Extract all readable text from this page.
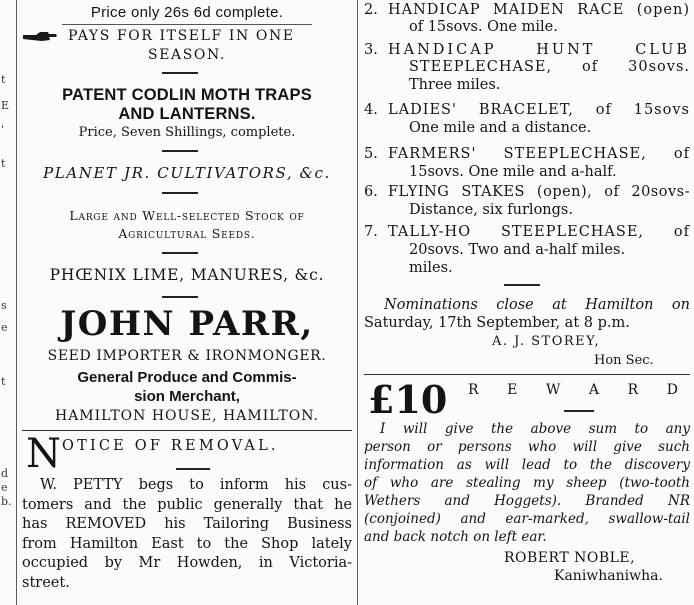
t
E
'
t
s
e
t
d
e
b.
Price only 26s 6d complete.
PAYS FOR ITSELF IN ONE
SEASON.
PATENT CODLIN MOTH TRAPS
AND LANTERNS.
Price, Seven Shillings, complete.
PLANET JR. CULTIVATORS, &c.
Large and Well-selected Stock of
Agricultural Seeds.
PHŒNIX LIME, MANURES, &c.
JOHN PARR,
SEED IMPORTER & IRONMONGER.
General Produce and Commis-
sion Merchant,
HAMILTON HOUSE, HAMILTON.
N OTICE OF REMOVAL.
W. PETTY begs to inform his cus-
tomers and the public generally that he
has REMOVED his Tailoring Business
from Hamilton East to the Shop lately
occupied by Mr Howden, in Victoria-
street.
2. HANDICAP MAIDEN RACE (open)
of 15sovs. One mile.
3. HANDICAP HUNT CLUB
STEEPLECHASE, of 30sovs.
Three miles.
4. LADIES' BRACELET, of 15sovs
One mile and a distance.
5. FARMERS' STEEPLECHASE, of
15sovs. One mile and a-half.
6. FLYING STAKES (open), of 20sovs-
Distance, six furlongs.
7. TALLY-HO STEEPLECHASE, of
20sovs. Two and a-half miles.
miles.
Nominations close at Hamilton on
Saturday, 17th September, at 8 p.m.
A. J. STOREY,
Hon Sec.
£10 R E W A R D
I will give the above sum to any
person or persons who will give such
information as will lead to the discovery
of who are stealing my sheep (two-tooth
Wethers and Hoggets). Branded NR
(conjoined) and ear-marked, swallow-tail
and back notch on left ear.
ROBERT NOBLE,
Kaniwhaniwha.
